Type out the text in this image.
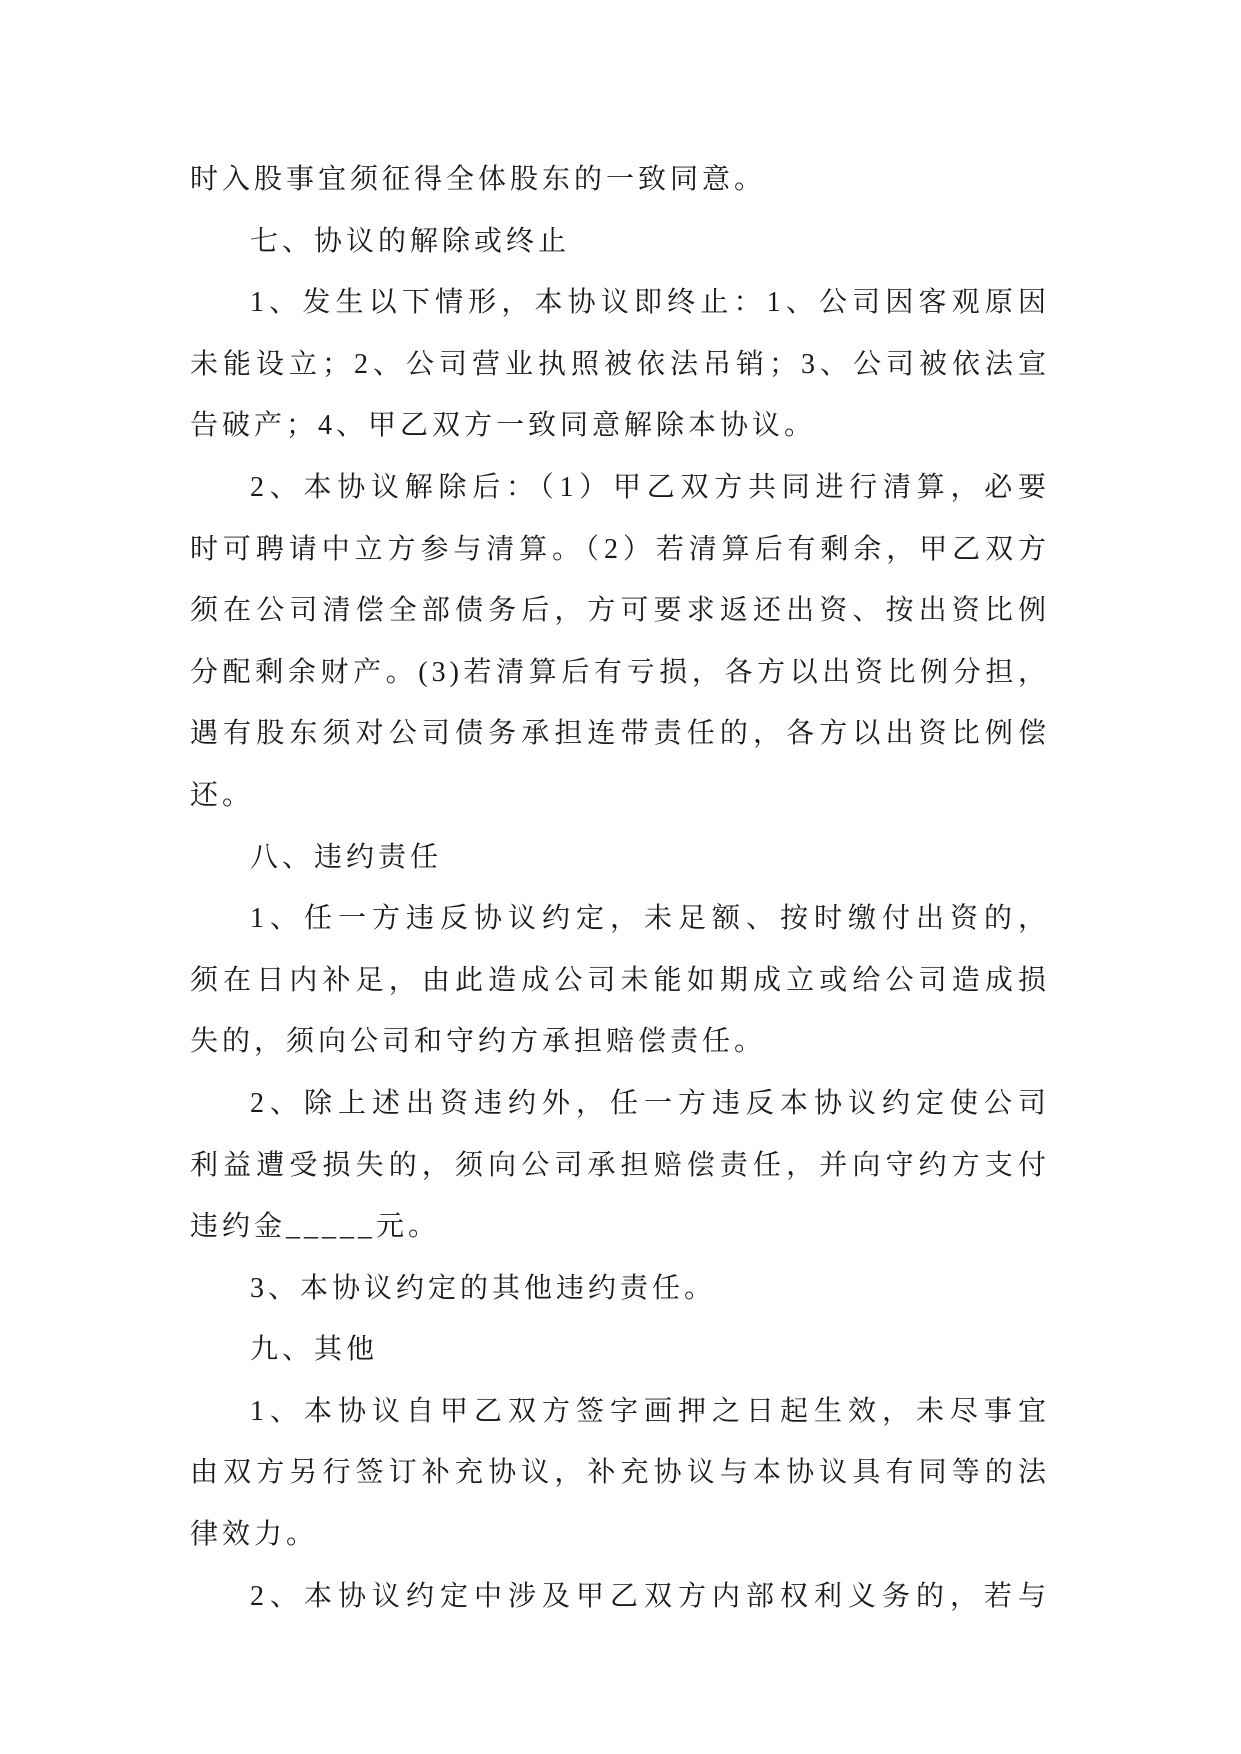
时入股事宜须征得全体股东的一致同意。
七、协议的解除或终止
1、发生以下情形，本协议即终止：1、公司因客观原因
未能设立；2、公司营业执照被依法吊销；3、公司被依法宣
告破产；4、甲乙双方一致同意解除本协议。
2、本协议解除后：（1）甲乙双方共同进行清算，必要
时可聘请中立方参与清算。（2）若清算后有剩余，甲乙双方
须在公司清偿全部债务后，方可要求返还出资、按出资比例
分配剩余财产。(3)若清算后有亏损，各方以出资比例分担，
遇有股东须对公司债务承担连带责任的，各方以出资比例偿
还。
八、违约责任
1、任一方违反协议约定，未足额、按时缴付出资的，
须在日内补足，由此造成公司未能如期成立或给公司造成损
失的，须向公司和守约方承担赔偿责任。
2、除上述出资违约外，任一方违反本协议约定使公司
利益遭受损失的，须向公司承担赔偿责任，并向守约方支付
违约金_____元。
3、本协议约定的其他违约责任。
九、其他
1、本协议自甲乙双方签字画押之日起生效，未尽事宜
由双方另行签订补充协议，补充协议与本协议具有同等的法
律效力。
2、本协议约定中涉及甲乙双方内部权利义务的，若与
